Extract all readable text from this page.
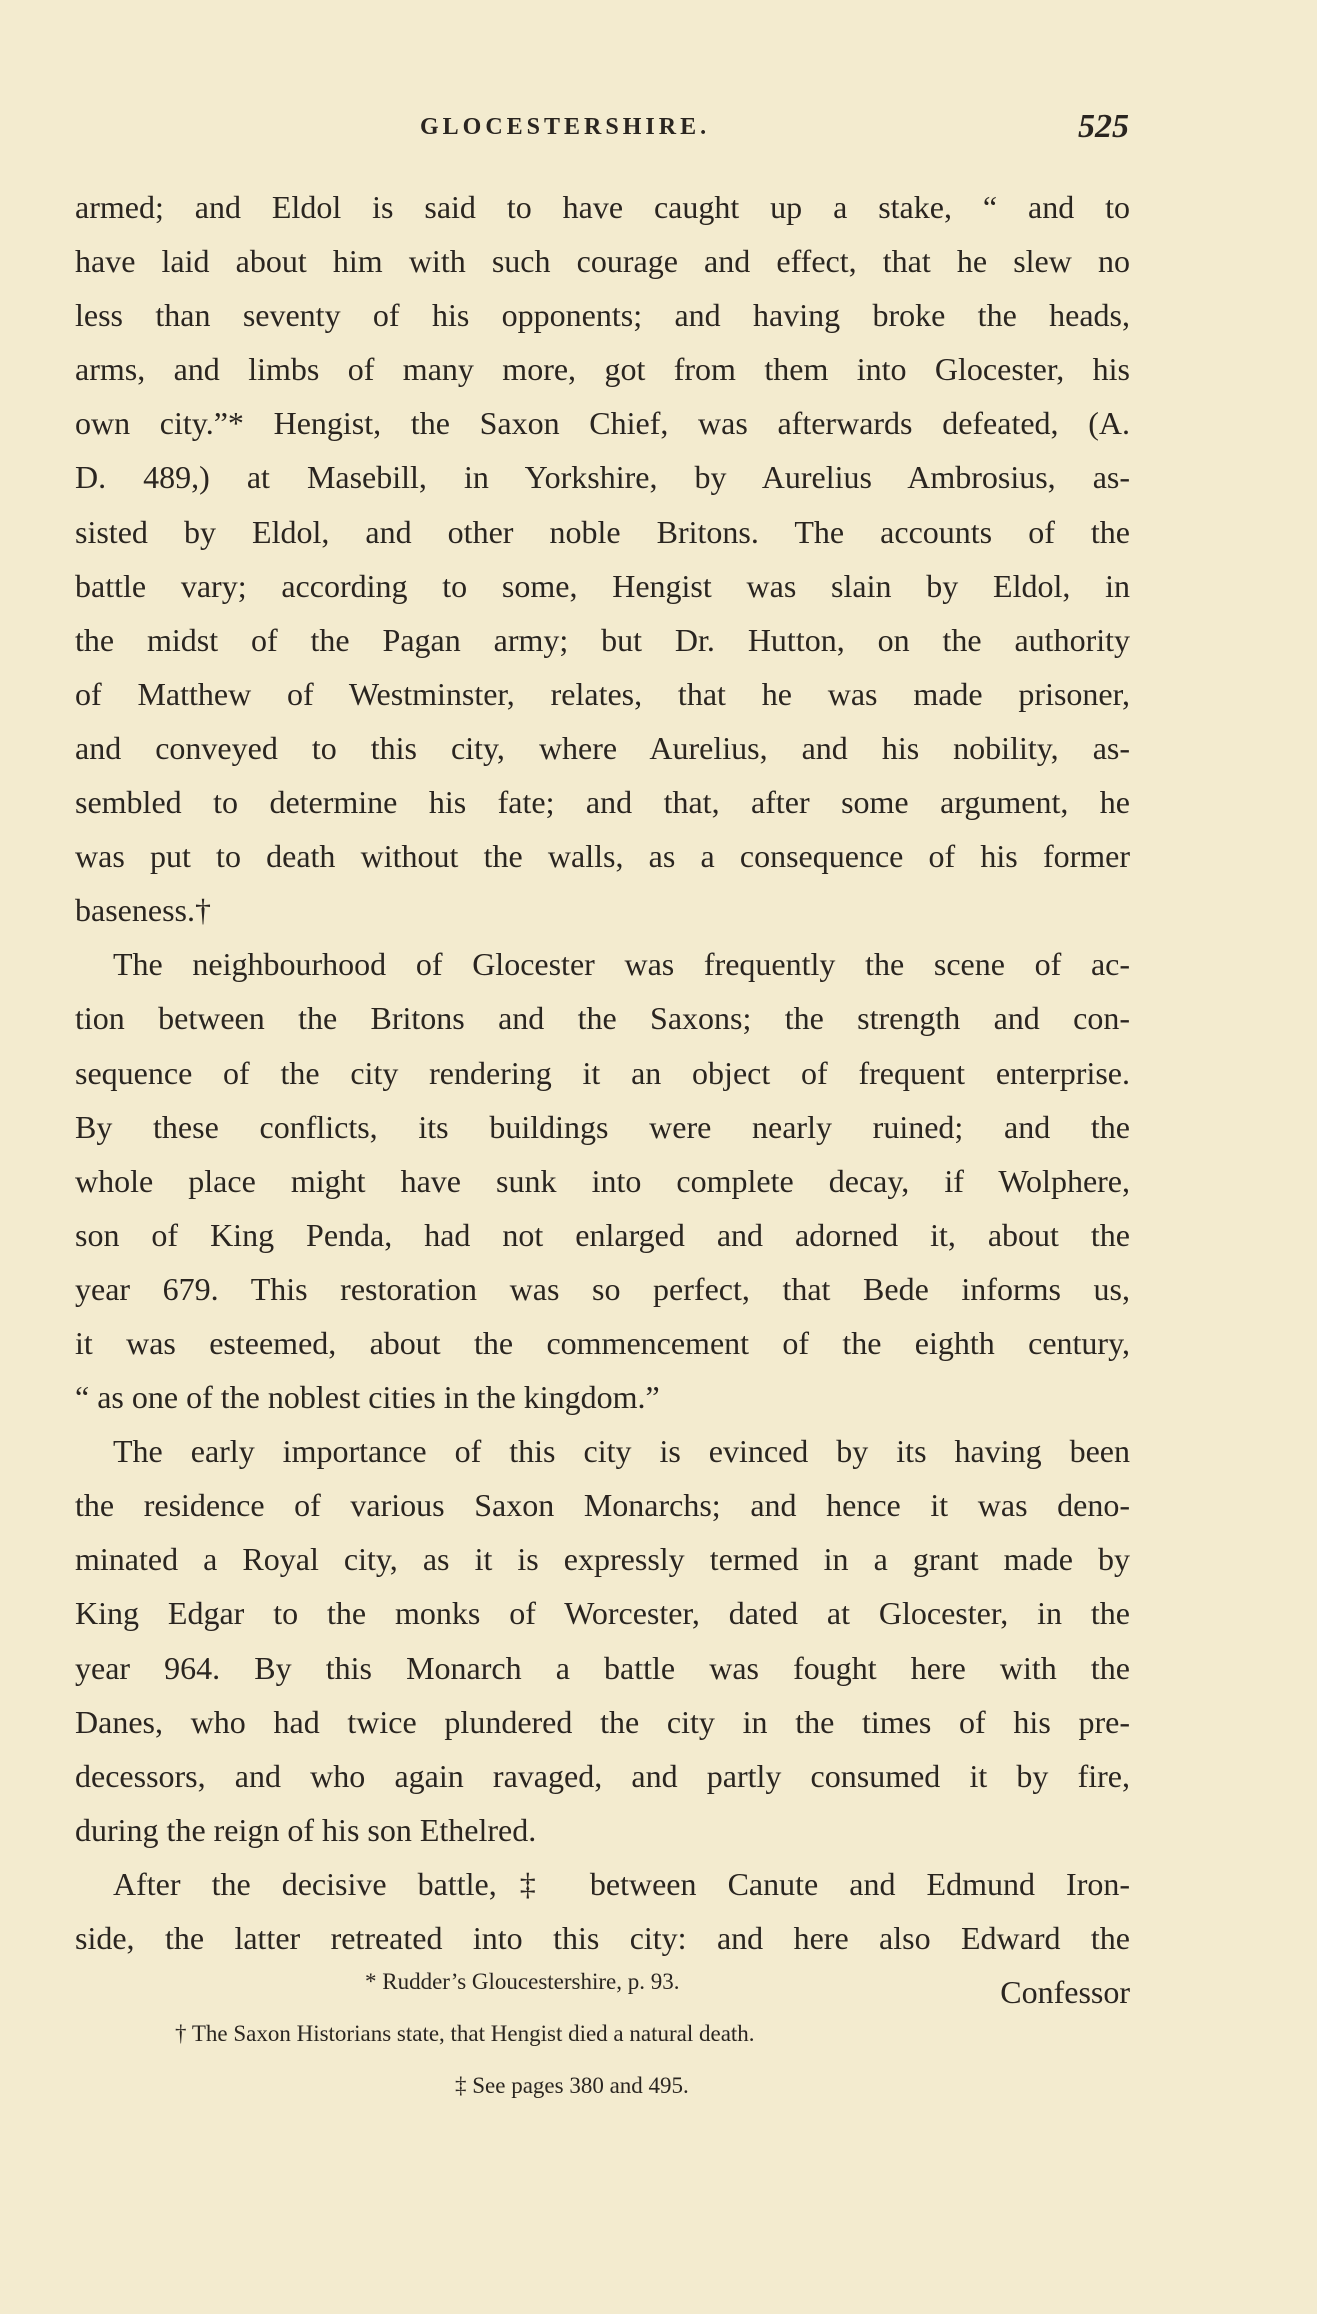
GLOCESTERSHIRE.	525
armed; and Eldol is said to have caught up a stake, “ and to
have laid about him with such courage and effect, that he slew no
less than seventy of his opponents; and having broke the heads,
arms, and limbs of many more, got from them into Glocester, his
own city.”* Hengist, the Saxon Chief, was afterwards defeated, (A.
D. 489,) at Masebill, in Yorkshire, by Aurelius Ambrosius, as-
sisted by Eldol, and other noble Britons. The accounts of the
battle vary; according to some, Hengist was slain by Eldol, in
the midst of the Pagan army; but Dr. Hutton, on the authority
of Matthew of Westminster, relates, that he was made prisoner,
and conveyed to this city, where Aurelius, and his nobility, as-
sembled to determine his fate; and that, after some argument, he
was put to death without the walls, as a consequence of his former
baseness.†
The neighbourhood of Glocester was frequently the scene of ac-
tion between the Britons and the Saxons; the strength and con-
sequence of the city rendering it an object of frequent enterprise.
By these conflicts, its buildings were nearly ruined; and the
whole place might have sunk into complete decay, if Wolphere,
son of King Penda, had not enlarged and adorned it, about the
year 679. This restoration was so perfect, that Bede informs us,
it was esteemed, about the commencement of the eighth century,
“ as one of the noblest cities in the kingdom.”
The early importance of this city is evinced by its having been
the residence of various Saxon Monarchs; and hence it was deno-
minated a Royal city, as it is expressly termed in a grant made by
King Edgar to the monks of Worcester, dated at Glocester, in the
year 964. By this Monarch a battle was fought here with the
Danes, who had twice plundered the city in the times of his pre-
decessors, and who again ravaged, and partly consumed it by fire,
during the reign of his son Ethelred.
After the decisive battle,‡ between Canute and Edmund Iron-
side, the latter retreated into this city: and here also Edward the
Confessor
* Rudder’s Gloucestershire, p. 93.
† The Saxon Historians state, that Hengist died a natural death.
‡ See pages 380 and 495.
